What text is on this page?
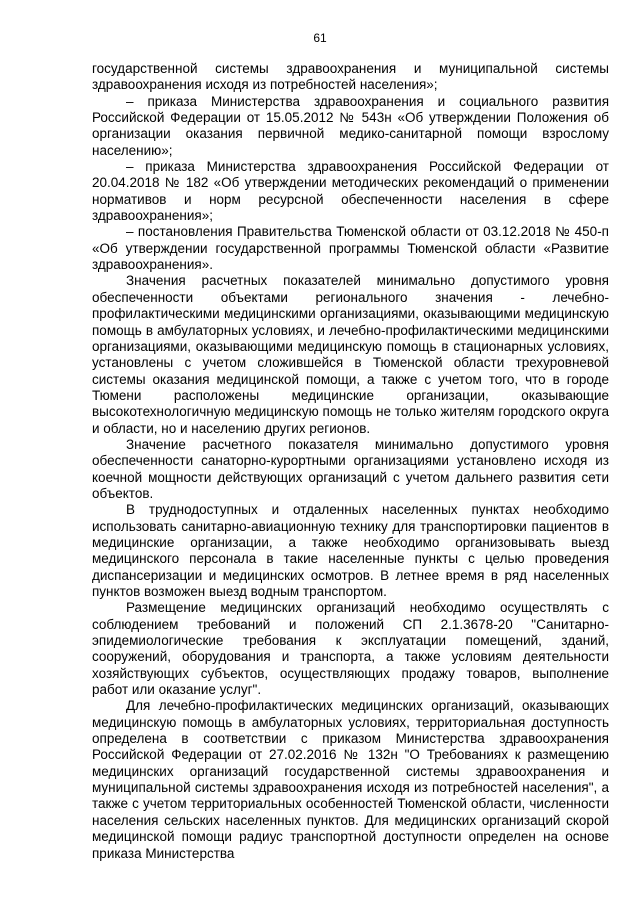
61

государственной системы здравоохранения и муниципальной системы здравоохранения исходя из потребностей населения»;

– приказа Министерства здравоохранения и социального развития Российской Федерации от 15.05.2012 № 543н «Об утверждении Положения об организации оказания первичной медико-санитарной помощи взрослому населению»;

– приказа Министерства здравоохранения Российской Федерации от 20.04.2018 № 182 «Об утверждении методических рекомендаций о применении нормативов и норм ресурсной обеспеченности населения в сфере здравоохранения»;

– постановления Правительства Тюменской области от 03.12.2018 № 450-п «Об утверждении государственной программы Тюменской области «Развитие здравоохранения».

Значения расчетных показателей минимально допустимого уровня обеспеченности объектами регионального значения - лечебно-профилактическими медицинскими организациями, оказывающими медицинскую помощь в амбулаторных условиях, и лечебно-профилактическими медицинскими организациями, оказывающими медицинскую помощь в стационарных условиях, установлены с учетом сложившейся в Тюменской области трехуровневой системы оказания медицинской помощи, а также с учетом того, что в городе Тюмени расположены медицинские организации, оказывающие высокотехнологичную медицинскую помощь не только жителям городского округа и области, но и населению других регионов.

Значение расчетного показателя минимально допустимого уровня обеспеченности санаторно-курортными организациями установлено исходя из коечной мощности действующих организаций с учетом дальнего развития сети объектов.

В труднодоступных и отдаленных населенных пунктах необходимо использовать санитарно-авиационную технику для транспортировки пациентов в медицинские организации, а также необходимо организовывать выезд медицинского персонала в такие населенные пункты с целью проведения диспансеризации и медицинских осмотров. В летнее время в ряд населенных пунктов возможен выезд водным транспортом.

Размещение медицинских организаций необходимо осуществлять с соблюдением требований и положений СП 2.1.3678-20 "Санитарно-эпидемиологические требования к эксплуатации помещений, зданий, сооружений, оборудования и транспорта, а также условиям деятельности хозяйствующих субъектов, осуществляющих продажу товаров, выполнение работ или оказание услуг".

Для лечебно-профилактических медицинских организаций, оказывающих медицинскую помощь в амбулаторных условиях, территориальная доступность определена в соответствии с приказом Министерства здравоохранения Российской Федерации от 27.02.2016 № 132н "О Требованиях к размещению медицинских организаций государственной системы здравоохранения и муниципальной системы здравоохранения исходя из потребностей населения", а также с учетом территориальных особенностей Тюменской области, численности населения сельских населенных пунктов. Для медицинских организаций скорой медицинской помощи радиус транспортной доступности определен на основе приказа Министерства
